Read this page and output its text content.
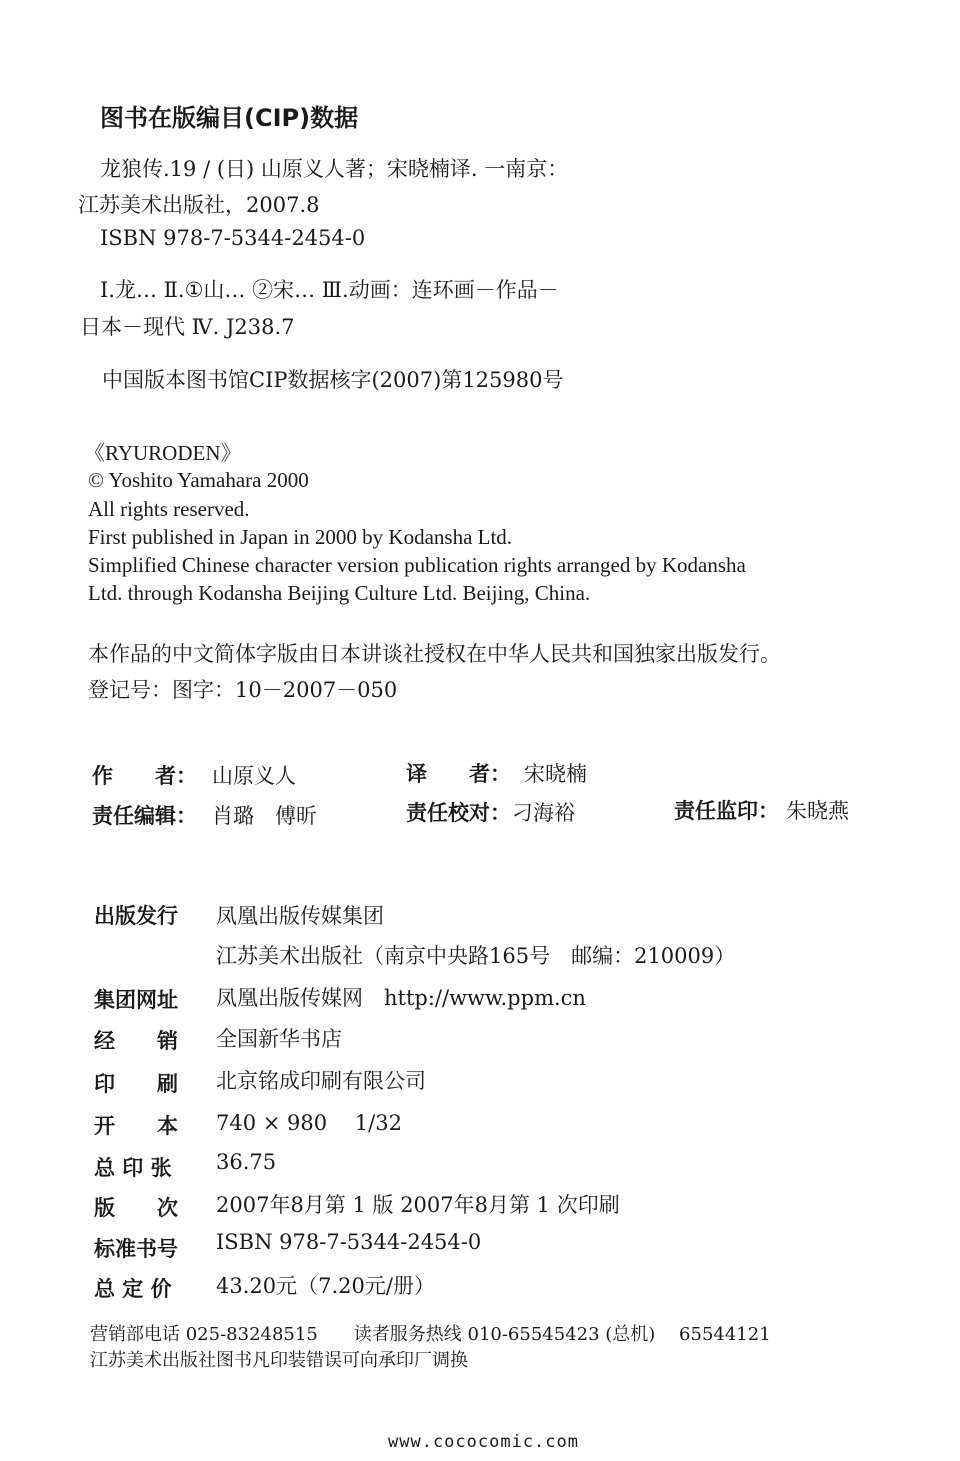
图书在版编目(CIP)数据
龙狼传.19 / (日) 山原义人著；宋晓楠译. 一南京：
江苏美术出版社，2007.8
ISBN 978-7-5344-2454-0
Ⅰ.龙… Ⅱ.①山… ②宋… Ⅲ.动画：连环画－作品－
日本－现代 Ⅳ. J238.7
中国版本图书馆CIP数据核字(2007)第125980号
《RYURODEN》
© Yoshito Yamahara 2000
All rights reserved.
First published in Japan in 2000 by Kodansha Ltd.
Simplified Chinese character version publication rights arranged by Kodansha
Ltd. through Kodansha Beijing Culture Ltd. Beijing, China.
本作品的中文简体字版由日本讲谈社授权在中华人民共和国独家出版发行。
登记号：图字：10－2007－050
作　　者： 山原义人	译　　者： 宋晓楠
责任编辑： 肖璐　傅昕	责任校对： 刁海裕	责任监印： 朱晓燕
出版发行 凤凰出版传媒集团
江苏美术出版社（南京中央路165号　邮编：210009）
集团网址 凤凰出版传媒网　http://www.ppm.cn
经　　销 全国新华书店
印　　刷 北京铭成印刷有限公司
开　　本 740 × 980　 1/32
总 印 张 36.75
版　　次 2007年8月第 1 版 2007年8月第 1 次印刷
标准书号 ISBN 978-7-5344-2454-0
总 定 价 43.20元（7.20元/册）
营销部电话 025-83248515　　读者服务热线 010-65545423 (总机)　 65544121
江苏美术出版社图书凡印装错误可向承印厂调换
www.cococomic.com
